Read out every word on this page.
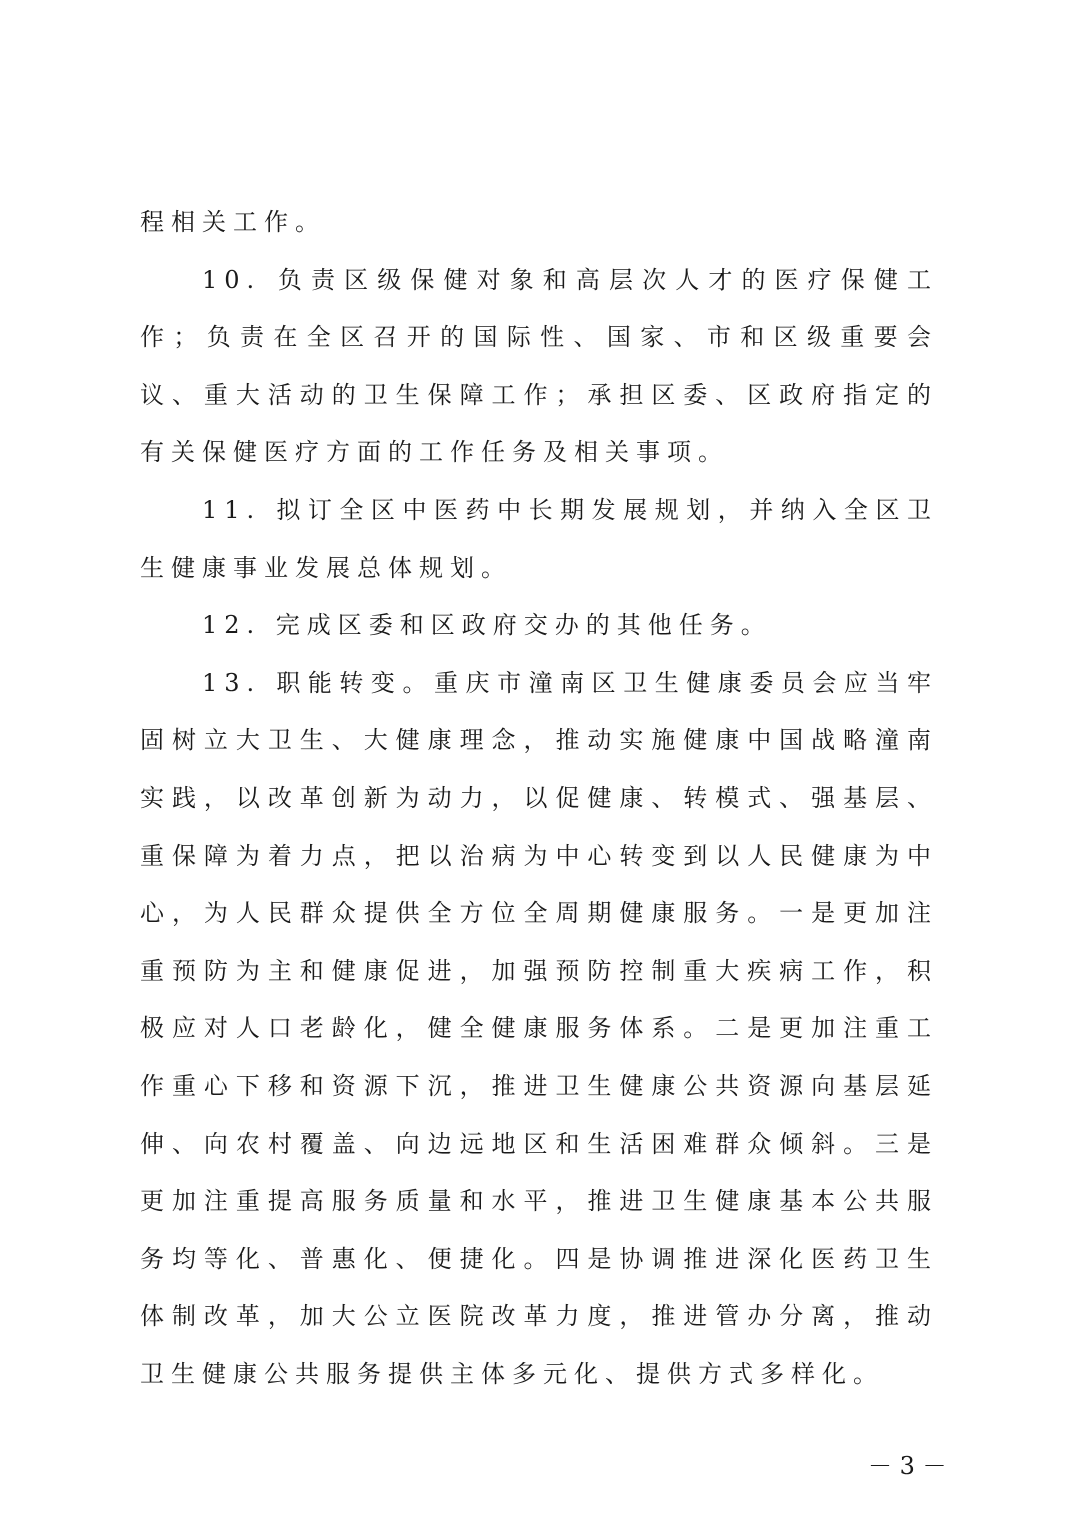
程相关工作。

10. 负责区级保健对象和高层次人才的医疗保健工作；负责在全区召开的国际性、国家、市和区级重要会议、重大活动的卫生保障工作；承担区委、区政府指定的有关保健医疗方面的工作任务及相关事项。

11. 拟订全区中医药中长期发展规划，并纳入全区卫生健康事业发展总体规划。

12. 完成区委和区政府交办的其他任务。

13. 职能转变。重庆市潼南区卫生健康委员会应当牢固树立大卫生、大健康理念，推动实施健康中国战略潼南实践，以改革创新为动力，以促健康、转模式、强基层、重保障为着力点，把以治病为中心转变到以人民健康为中心，为人民群众提供全方位全周期健康服务。一是更加注重预防为主和健康促进，加强预防控制重大疾病工作，积极应对人口老龄化，健全健康服务体系。二是更加注重工作重心下移和资源下沉，推进卫生健康公共资源向基层延伸、向农村覆盖、向边远地区和生活困难群众倾斜。三是更加注重提高服务质量和水平，推进卫生健康基本公共服务均等化、普惠化、便捷化。四是协调推进深化医药卫生体制改革，加大公立医院改革力度，推进管办分离，推动卫生健康公共服务提供主体多元化、提供方式多样化。

－ 3 －
